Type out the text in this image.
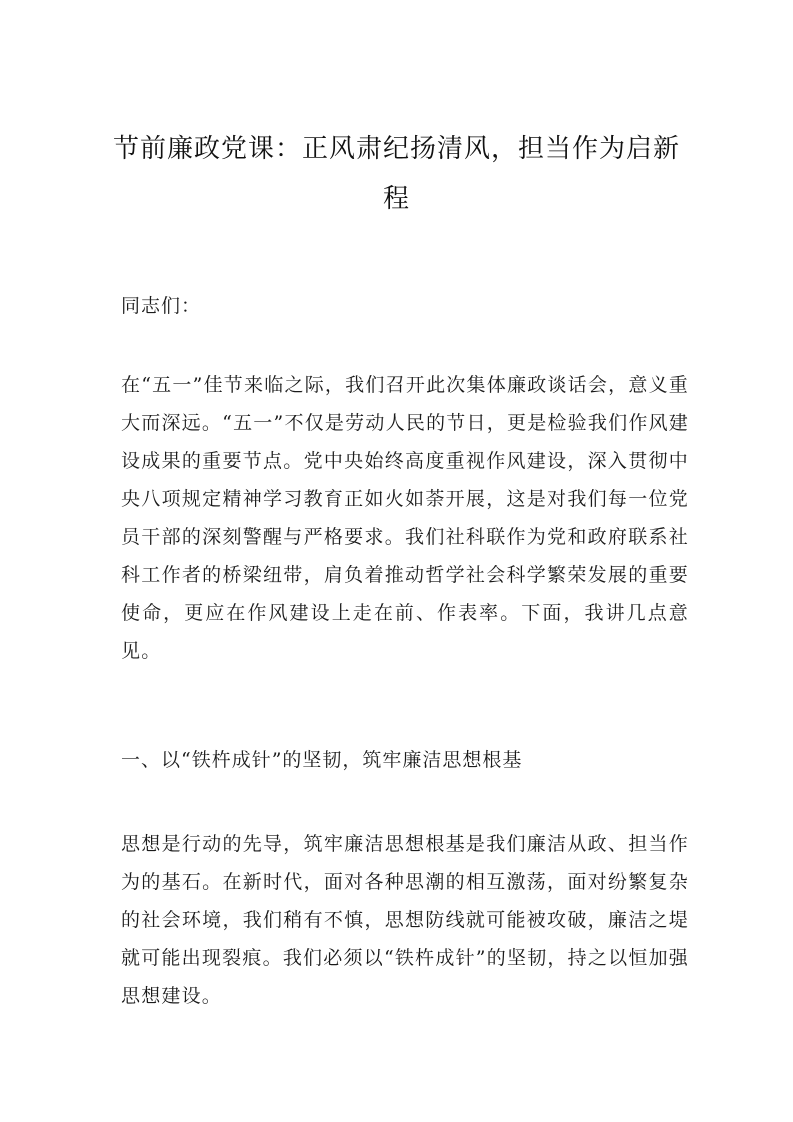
节前廉政党课：正风肃纪扬清风，担当作为启新程
同志们：
在“五一”佳节来临之际，我们召开此次集体廉政谈话会，意义重大而深远。“五一”不仅是劳动人民的节日，更是检验我们作风建设成果的重要节点。党中央始终高度重视作风建设，深入贯彻中央八项规定精神学习教育正如火如荼开展，这是对我们每一位党员干部的深刻警醒与严格要求。我们社科联作为党和政府联系社科工作者的桥梁纽带，肩负着推动哲学社会科学繁荣发展的重要使命，更应在作风建设上走在前、作表率。下面，我讲几点意见。
一、以“铁杵成针”的坚韧，筑牢廉洁思想根基
思想是行动的先导，筑牢廉洁思想根基是我们廉洁从政、担当作为的基石。在新时代，面对各种思潮的相互激荡，面对纷繁复杂的社会环境，我们稍有不慎，思想防线就可能被攻破，廉洁之堤就可能出现裂痕。我们必须以“铁杵成针”的坚韧，持之以恒加强思想建设。
